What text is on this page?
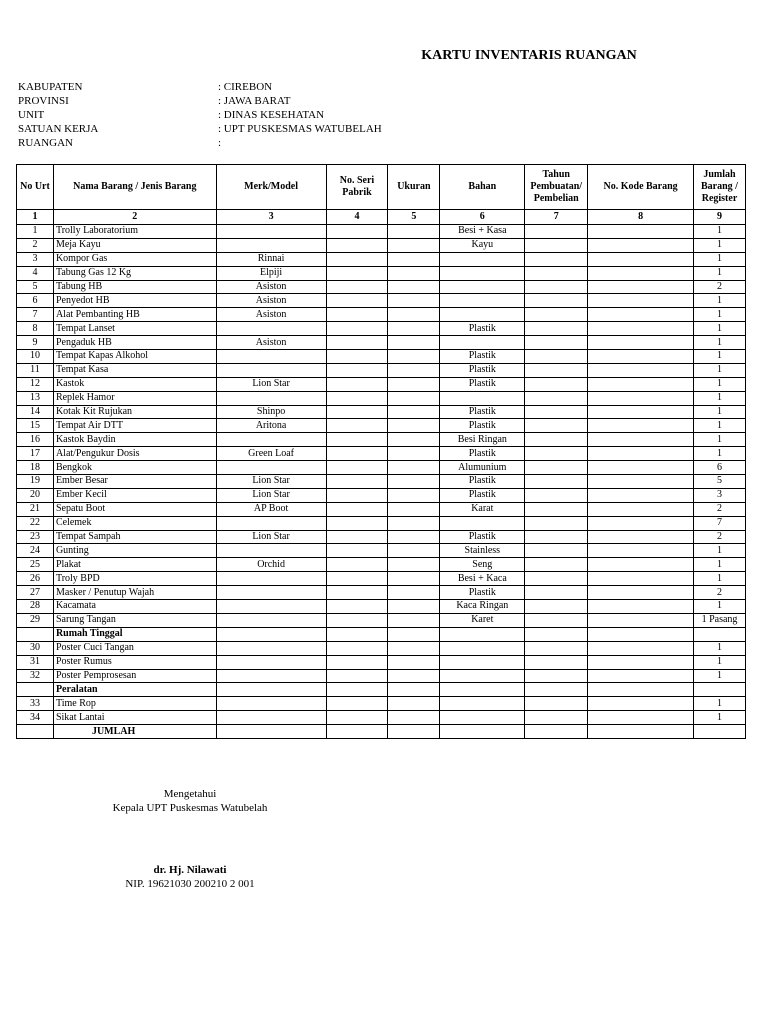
KARTU INVENTARIS RUANGAN
KABUPATEN	: CIREBON
PROVINSI	: JAWA BARAT
UNIT	: DINAS KESEHATAN
SATUAN KERJA	: UPT PUSKESMAS WATUBELAH
RUANGAN	:
No Urt	Nama Barang / Jenis Barang	Merk/Model	No. Seri Pabrik	Ukuran	Bahan	Tahun Pembuatan/ Pembelian	No. Kode Barang	Jumlah Barang / Register
1	2	3	4	5	6	7	8	9
1	Trolly Laboratorium				Besi + Kasa			1
2	Meja Kayu				Kayu			1
3	Kompor Gas	Rinnai						1
4	Tabung Gas 12 Kg	Elpiji						1
5	Tabung HB	Asiston						2
6	Penyedot HB	Asiston						1
7	Alat Pembanting HB	Asiston						1
8	Tempat Lanset				Plastik			1
9	Pengaduk HB	Asiston						1
10	Tempat Kapas Alkohol				Plastik			1
11	Tempat Kasa				Plastik			1
12	Kastok	Lion Star			Plastik			1
13	Replek Hamor							1
14	Kotak Kit Rujukan	Shinpo			Plastik			1
15	Tempat Air DTT	Aritona			Plastik			1
16	Kastok Baydin				Besi Ringan			1
17	Alat/Pengukur Dosis	Green Loaf			Plastik			1
18	Bengkok				Alumunium			6
19	Ember Besar	Lion Star			Plastik			5
20	Ember Kecil	Lion Star			Plastik			3
21	Sepatu Boot	AP Boot			Karat			2
22	Celemek							7
23	Tempat Sampah	Lion Star			Plastik			2
24	Gunting				Stainless			1
25	Plakat	Orchid			Seng			1
26	Troly BPD				Besi + Kaca			1
27	Masker / Penutup Wajah				Plastik			2
28	Kacamata				Kaca Ringan			1
29	Sarung Tangan				Karet			1 Pasang
	Rumah Tinggal							
30	Poster Cuci Tangan							1
31	Poster Rumus							1
32	Poster Pemprosesan							1
	Peralatan							
33	Time Rop							1
34	Sikat Lantai							1
	JUMLAH							
Mengetahui
Kepala UPT Puskesmas Watubelah
dr. Hj. Nilawati
NIP. 19621030 200210 2 001
